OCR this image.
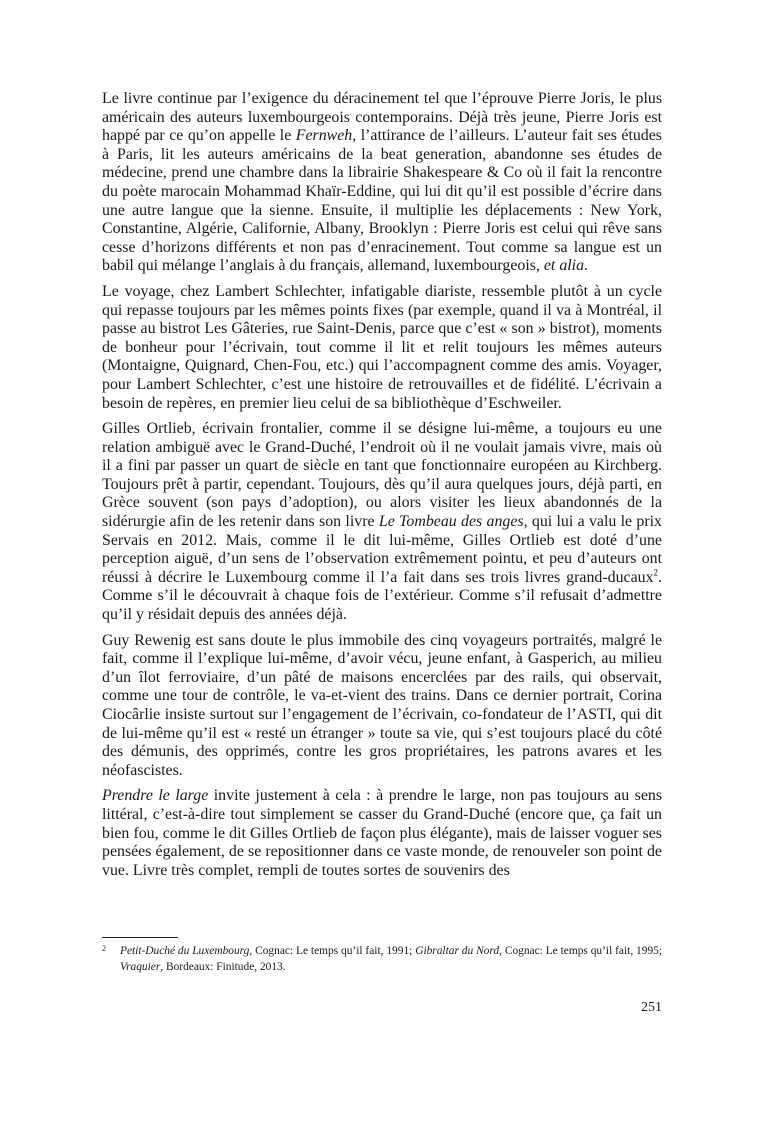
Le livre continue par l’exigence du déracinement tel que l’éprouve Pierre Joris, le plus américain des auteurs luxembourgeois contemporains. Déjà très jeune, Pierre Joris est happé par ce qu’on appelle le Fernweh, l’attirance de l’ailleurs. L’auteur fait ses études à Paris, lit les auteurs américains de la beat generation, abandonne ses études de médecine, prend une chambre dans la librairie Shakespeare & Co où il fait la rencontre du poète marocain Mohammad Khaïr-Eddine, qui lui dit qu’il est possible d’écrire dans une autre langue que la sienne. Ensuite, il multiplie les déplacements : New York, Constantine, Algérie, Californie, Albany, Brooklyn : Pierre Joris est celui qui rêve sans cesse d’horizons différents et non pas d’enracinement. Tout comme sa langue est un babil qui mélange l’anglais à du français, allemand, luxembourgeois, et alia.

Le voyage, chez Lambert Schlechter, infatigable diariste, ressemble plutôt à un cycle qui repasse toujours par les mêmes points fixes (par exemple, quand il va à Montréal, il passe au bistrot Les Gâteries, rue Saint-Denis, parce que c’est « son » bistrot), moments de bonheur pour l’écrivain, tout comme il lit et relit toujours les mêmes auteurs (Montaigne, Quignard, Chen-Fou, etc.) qui l’accompagnent comme des amis. Voyager, pour Lambert Schlechter, c’est une histoire de retrouvailles et de fidélité. L’écrivain a besoin de repères, en premier lieu celui de sa bibliothèque d’Eschweiler.

Gilles Ortlieb, écrivain frontalier, comme il se désigne lui-même, a toujours eu une relation ambiguë avec le Grand-Duché, l’endroit où il ne voulait jamais vivre, mais où il a fini par passer un quart de siècle en tant que fonctionnaire européen au Kirchberg. Toujours prêt à partir, cependant. Toujours, dès qu’il aura quelques jours, déjà parti, en Grèce souvent (son pays d’adoption), ou alors visiter les lieux abandonnés de la sidérurgie afin de les retenir dans son livre Le Tombeau des anges, qui lui a valu le prix Servais en 2012. Mais, comme il le dit lui-même, Gilles Ortlieb est doté d’une perception aiguë, d’un sens de l’observation extrêmement pointu, et peu d’auteurs ont réussi à décrire le Luxembourg comme il l’a fait dans ses trois livres grand-ducaux$^2$. Comme s’il le découvrait à chaque fois de l’extérieur. Comme s’il refusait d’admettre qu’il y résidait depuis des années déjà.

Guy Rewenig est sans doute le plus immobile des cinq voyageurs portraités, malgré le fait, comme il l’explique lui-même, d’avoir vécu, jeune enfant, à Gasperich, au milieu d’un îlot ferroviaire, d’un pâté de maisons encerclées par des rails, qui observait, comme une tour de contrôle, le va-et-vient des trains. Dans ce dernier portrait, Corina Ciocârlie insiste surtout sur l’engagement de l’écrivain, co-fondateur de l’ASTI, qui dit de lui-même qu’il est « resté un étranger » toute sa vie, qui s’est toujours placé du côté des démunis, des opprimés, contre les gros propriétaires, les patrons avares et les néofascistes.

Prendre le large invite justement à cela : à prendre le large, non pas toujours au sens littéral, c’est-à-dire tout simplement se casser du Grand-Duché (encore que, ça fait un bien fou, comme le dit Gilles Ortlieb de façon plus élégante), mais de laisser voguer ses pensées également, de se repositionner dans ce vaste monde, de renouveler son point de vue. Livre très complet, rempli de toutes sortes de souvenirs des

2	Petit-Duché du Luxembourg, Cognac: Le temps qu’il fait, 1991; Gibraltar du Nord, Cognac: Le temps qu’il fait, 1995; Vraquier, Bordeaux: Finitude, 2013.
251
